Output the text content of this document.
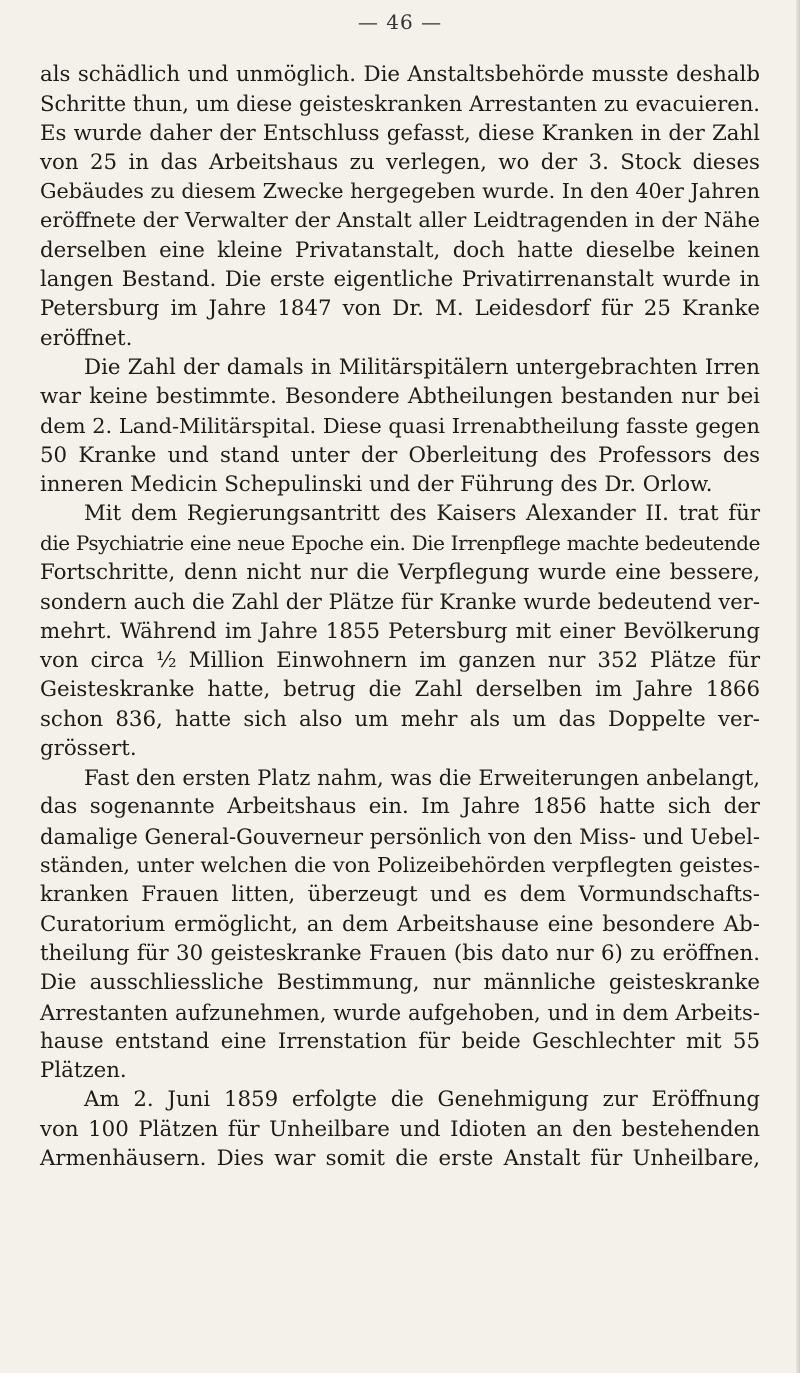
— 46 —

als schädlich und unmöglich. Die Anstaltsbehörde musste deshalb
Schritte thun, um diese geisteskranken Arrestanten zu evacuieren.
Es wurde daher der Entschluss gefasst, diese Kranken in der Zahl
von 25 in das Arbeitshaus zu verlegen, wo der 3. Stock dieses
Gebäudes zu diesem Zwecke hergegeben wurde. In den 40er Jahren
eröffnete der Verwalter der Anstalt aller Leidtragenden in der Nähe
derselben eine kleine Privatanstalt, doch hatte dieselbe keinen
langen Bestand. Die erste eigentliche Privatirrenanstalt wurde in
Petersburg im Jahre 1847 von Dr. M. Leidesdorf für 25 Kranke
eröffnet.

Die Zahl der damals in Militärspitälern untergebrachten Irren
war keine bestimmte. Besondere Abtheilungen bestanden nur bei
dem 2. Land-Militärspital. Diese quasi Irrenabtheilung fasste gegen
50 Kranke und stand unter der Oberleitung des Professors des
inneren Medicin Schepulinski und der Führung des Dr. Orlow.

Mit dem Regierungsantritt des Kaisers Alexander II. trat für
die Psychiatrie eine neue Epoche ein. Die Irrenpflege machte bedeutende
Fortschritte, denn nicht nur die Verpflegung wurde eine bessere,
sondern auch die Zahl der Plätze für Kranke wurde bedeutend ver-
mehrt. Während im Jahre 1855 Petersburg mit einer Bevölkerung
von circa ½ Million Einwohnern im ganzen nur 352 Plätze für
Geisteskranke hatte, betrug die Zahl derselben im Jahre 1866
schon 836, hatte sich also um mehr als um das Doppelte ver-
grössert.

Fast den ersten Platz nahm, was die Erweiterungen anbelangt,
das sogenannte Arbeitshaus ein. Im Jahre 1856 hatte sich der
damalige General-Gouverneur persönlich von den Miss- und Uebel-
ständen, unter welchen die von Polizeibehörden verpflegten geistes-
kranken Frauen litten, überzeugt und es dem Vormundschafts-
Curatorium ermöglicht, an dem Arbeitshause eine besondere Ab-
theilung für 30 geisteskranke Frauen (bis dato nur 6) zu eröffnen.
Die ausschliessliche Bestimmung, nur männliche geisteskranke
Arrestanten aufzunehmen, wurde aufgehoben, und in dem Arbeits-
hause entstand eine Irrenstation für beide Geschlechter mit 55
Plätzen.

Am 2. Juni 1859 erfolgte die Genehmigung zur Eröffnung
von 100 Plätzen für Unheilbare und Idioten an den bestehenden
Armenhäusern. Dies war somit die erste Anstalt für Unheilbare,
